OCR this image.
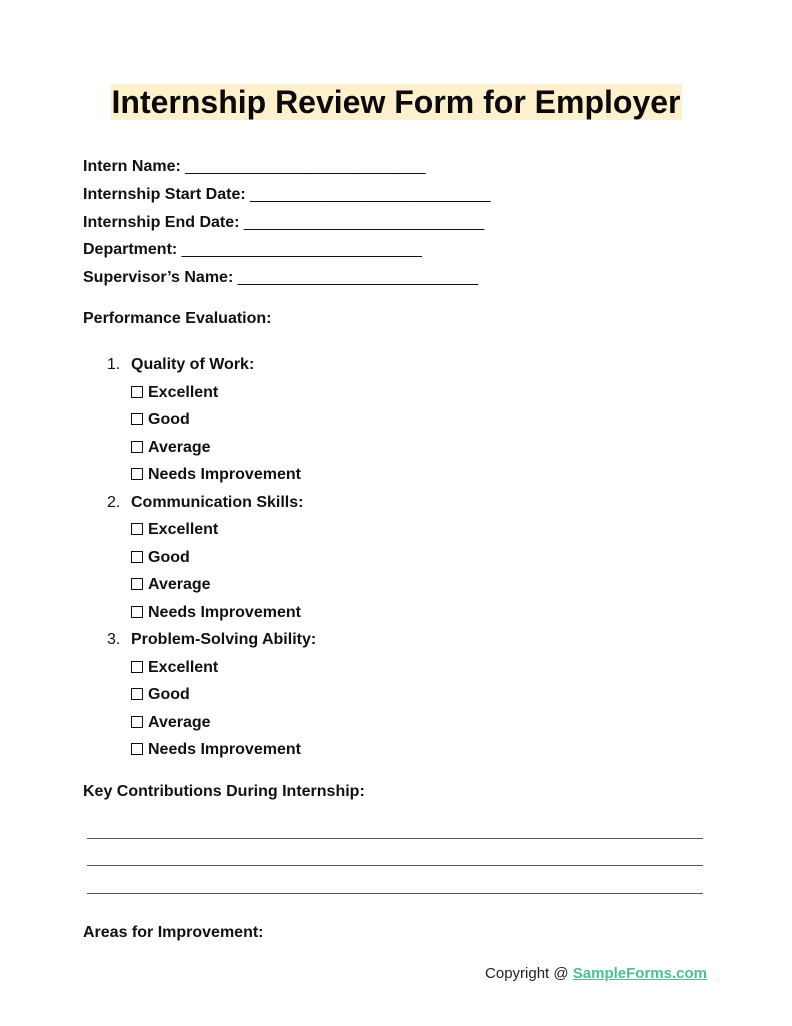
Internship Review Form for Employer
Intern Name: ___________________________
Internship Start Date: ___________________________
Internship End Date: ___________________________
Department: ___________________________
Supervisor’s Name: ___________________________
Performance Evaluation:
1. Quality of Work:
Excellent
Good
Average
Needs Improvement
2. Communication Skills:
Excellent
Good
Average
Needs Improvement
3. Problem-Solving Ability:
Excellent
Good
Average
Needs Improvement
Key Contributions During Internship:
Areas for Improvement:
Copyright @ SampleForms.com
